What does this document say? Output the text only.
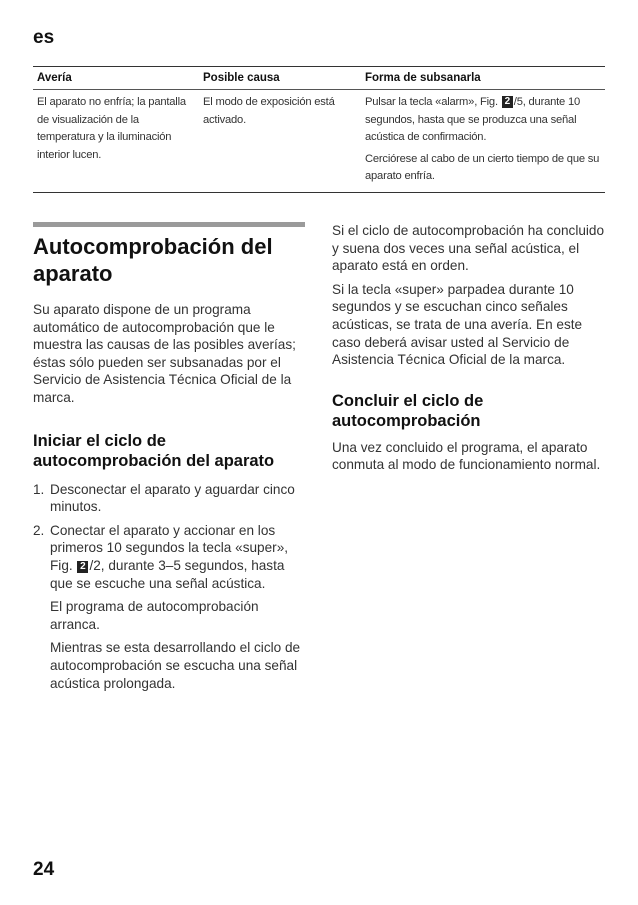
es
Avería	Posible causa	Forma de subsanarla
El aparato no enfría; la pantalla de visualización de la temperatura y la iluminación interior lucen.
El modo de exposición está activado.

Pulsar la tecla «alarm», Fig. 2 /5, durante 10 segundos, hasta que se produzca una señal acústica de confirmación.

Cerciórese al cabo de un cierto tiempo de que su aparato enfría.

Autocomprobación del aparato

Su aparato dispone de un programa automático de autocomprobación que le muestra las causas de las posibles averías; éstas sólo pueden ser subsanadas por el Servicio de Asistencia Técnica Oficial de la marca.

Iniciar el ciclo de autocomprobación del aparato
1. Desconectar el aparato y aguardar cinco minutos.
2. Conectar el aparato y accionar en los primeros 10 segundos la tecla «super», Fig. 2 /2, durante 3–5 segundos, hasta que se escuche una señal acústica.

El programa de autocomprobación arranca.

Mientras se esta desarrollando el ciclo de autocomprobación se escucha una señal acústica prolongada.

Si el ciclo de autocomprobación ha concluido y suena dos veces una señal acústica, el aparato está en orden.

Si la tecla «super» parpadea durante 10 segundos y se escuchan cinco señales acústicas, se trata de una avería. En este caso deberá avisar usted al Servicio de Asistencia Técnica Oficial de la marca.

Concluir el ciclo de autocomprobación

Una vez concluido el programa, el aparato conmuta al modo de funcionamiento normal.

24
